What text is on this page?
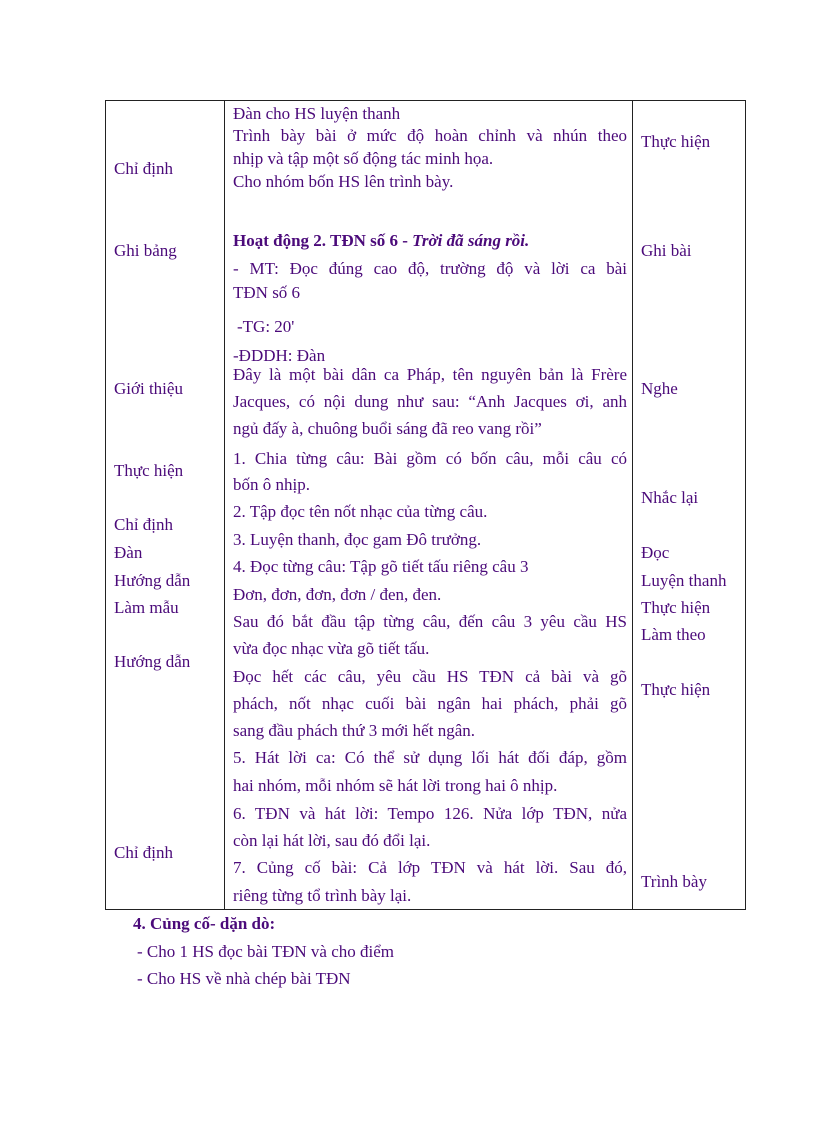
Chỉ định
Ghi bảng
Giới thiệu
Thực hiện
Chỉ định
Đàn
Hướng dẫn
Làm mẫu
Hướng dẫn
Chỉ định
Đàn cho HS luyện thanh
Trình bày bài ở mức độ hoàn chỉnh và nhún theo
nhịp và tập một số động tác minh họa.
Cho nhóm bốn HS lên trình bày.
Hoạt động 2. TĐN số 6 - Trời đã sáng rồi.
- MT: Đọc đúng cao độ, trường độ và lời ca bài
TĐN số 6
-TG: 20'
-ĐDDH: Đàn
Đây là một bài dân ca Pháp, tên nguyên bản là Frère
Jacques, có nội dung như sau: “Anh Jacques ơi, anh
ngủ đấy à, chuông buổi sáng đã reo vang rồi”
1. Chia từng câu: Bài gồm có bốn câu, mỗi câu có
bốn ô nhịp.
2. Tập đọc tên nốt nhạc của từng câu.
3. Luyện thanh, đọc gam Đô trưởng.
4. Đọc từng câu: Tập gõ tiết tấu riêng câu 3
Đơn, đơn, đơn, đơn / đen, đen.
Sau đó bắt đầu tập từng câu, đến câu 3 yêu cầu HS
vừa đọc nhạc vừa gõ tiết tấu.
Đọc hết các câu, yêu cầu HS TĐN cả bài và gõ
phách, nốt nhạc cuối bài ngân hai phách, phải gõ
sang đầu phách thứ 3 mới hết ngân.
5. Hát lời ca: Có thể sử dụng lối hát đối đáp, gồm
hai nhóm, mỗi nhóm sẽ hát lời trong hai ô nhịp.
6. TĐN và hát lời: Tempo 126. Nửa lớp TĐN, nửa
còn lại hát lời, sau đó đổi lại.
7. Củng cố bài: Cả lớp TĐN và hát lời. Sau đó,
riêng từng tổ trình bày lại.
Thực hiện
Ghi bài
Nghe
Nhắc lại
Đọc
Luyện thanh
Thực hiện
Làm theo
Thực hiện
Trình bày
4. Củng cố- dặn dò:
- Cho 1 HS đọc bài TĐN và cho điểm
- Cho HS về nhà chép bài TĐN
